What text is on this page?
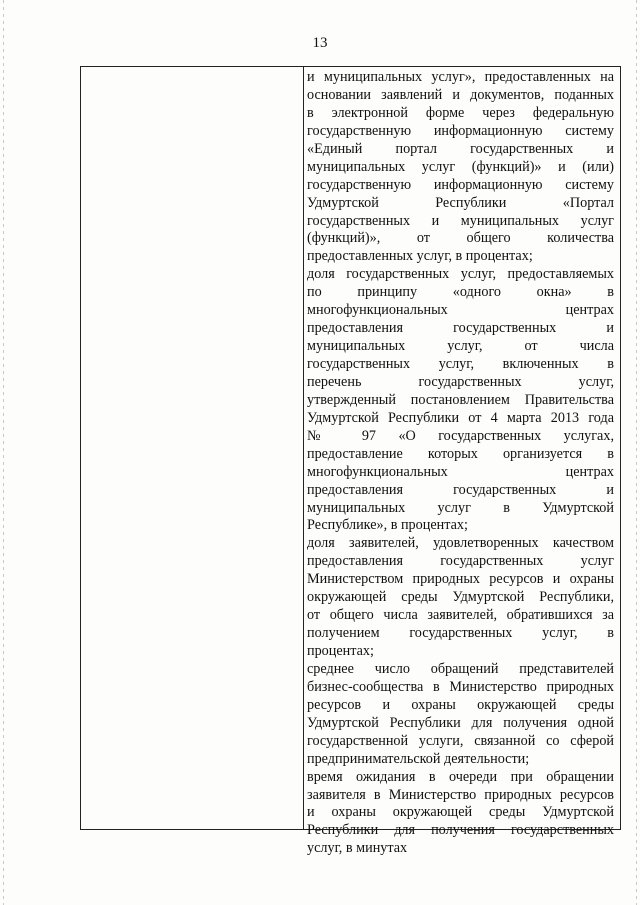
13
и муниципальных услуг», предоставленных на
основании заявлений и документов, поданных
в электронной форме через федеральную
государственную информационную систему
«Единый портал государственных и
муниципальных услуг (функций)» и (или)
государственную информационную систему
Удмуртской Республики «Портал
государственных и муниципальных услуг
(функций)», от общего количества
предоставленных услуг, в процентах;
доля государственных услуг, предоставляемых
по принципу «одного окна» в
многофункциональных центрах
предоставления государственных и
муниципальных услуг, от числа
государственных услуг, включенных в
перечень государственных услуг,
утвержденный постановлением Правительства
Удмуртской Республики от 4 марта 2013 года
№ 97 «О государственных услугах,
предоставление которых организуется в
многофункциональных центрах
предоставления государственных и
муниципальных услуг в Удмуртской
Республике», в процентах;
доля заявителей, удовлетворенных качеством
предоставления государственных услуг
Министерством природных ресурсов и охраны
окружающей среды Удмуртской Республики,
от общего числа заявителей, обратившихся за
получением государственных услуг, в
процентах;
среднее число обращений представителей
бизнес-сообщества в Министерство природных
ресурсов и охраны окружающей среды
Удмуртской Республики для получения одной
государственной услуги, связанной со сферой
предпринимательской деятельности;
время ожидания в очереди при обращении
заявителя в Министерство природных ресурсов
и охраны окружающей среды Удмуртской
Республики для получения государственных
услуг, в минутах
